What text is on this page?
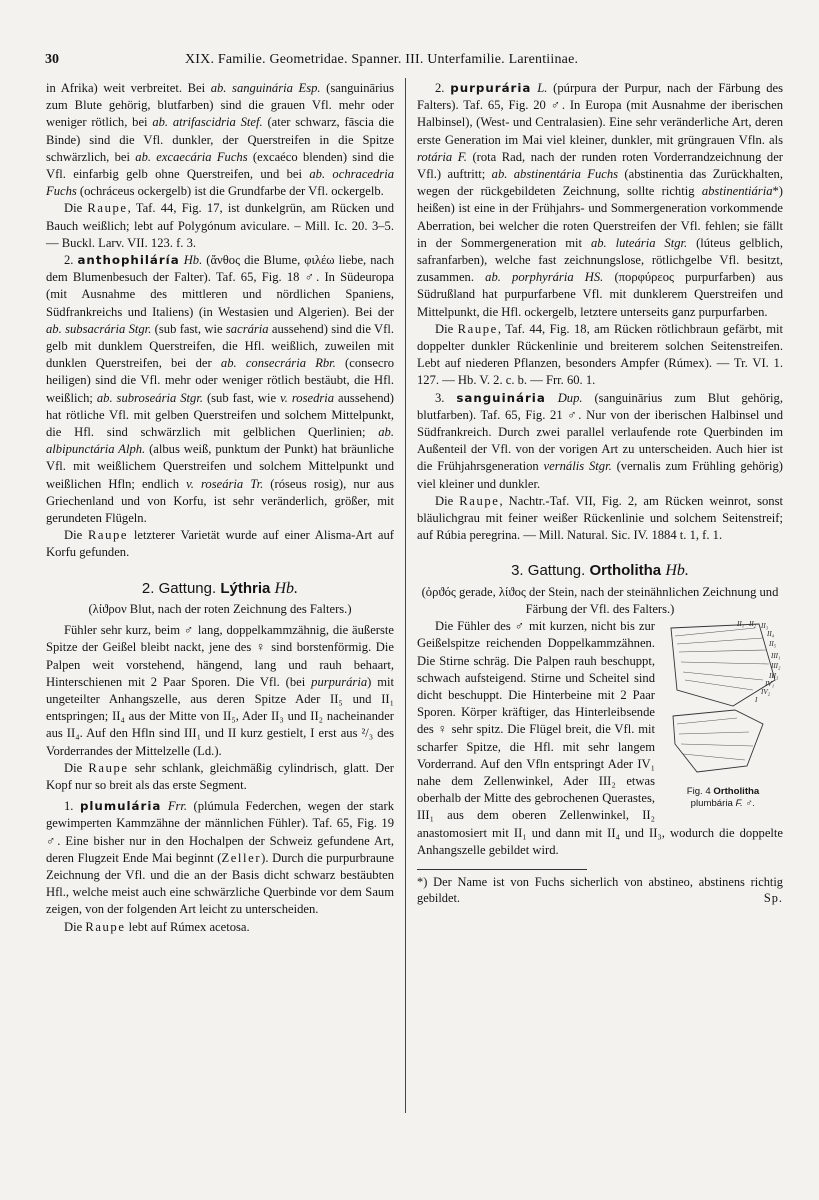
30	XIX. Familie. Geometridae. Spanner. III. Unterfamilie. Larentiinae.

in Afrika) weit verbreitet. Bei ab. sanguinária Esp. (sanguinārius zum Blute gehörig, blutfarben) sind die grauen Vfl. mehr oder weniger rötlich, bei ab. atrifascidria Stef. (ater schwarz, fāscia die Binde) sind die Vfl. dunkler, der Querstreifen in die Spitze schwärzlich, bei ab. excaecária Fuchs (excaéco blenden) sind die Vfl. einfarbig gelb ohne Querstreifen, und bei ab. ochracedria Fuchs (ochráceus ockergelb) ist die Grundfarbe der Vfl. ockergelb.

Die Raupe, Taf. 44, Fig. 17, ist dunkelgrün, am Rücken und Bauch weißlich; lebt auf Polygónum aviculare. – Mill. Ic. 20. 3–5. — Buckl. Larv. VII. 123. f. 3.

2. anthophiláría Hb. (ἄνθος die Blume, φιλέω liebe, nach dem Blumenbesuch der Falter). Taf. 65, Fig. 18 ♂. In Südeuropa (mit Ausnahme des mittleren und nördlichen Spaniens, Südfrankreichs und Italiens) (in Westasien und Algerien). Bei der ab. subsacrária Stgr. (sub fast, wie sacrária aussehend) sind die Vfl. gelb mit dunklem Querstreifen, die Hfl. weißlich, zuweilen mit dunklen Querstreifen, bei der ab. consecrária Rbr. (consecro heiligen) sind die Vfl. mehr oder weniger rötlich bestäubt, die Hfl. weißlich; ab. subroseária Stgr. (sub fast, wie v. rosedria aussehend) hat rötliche Vfl. mit gelben Querstreifen und solchem Mittelpunkt, die Hfl. sind schwärzlich mit gelblichen Querlinien; ab. albipunctária Alph. (albus weiß, punktum der Punkt) hat bräunliche Vfl. mit weißlichem Querstreifen und solchem Mittelpunkt und weißlichen Hfln; endlich v. roseária Tr. (róseus rosig), nur aus Griechenland und von Korfu, ist sehr veränderlich, größer, mit gerundeten Flügeln.

Die Raupe letzterer Varietät wurde auf einer Alisma-Art auf Korfu gefunden.

2. Gattung. Lýthria Hb.

(λίϑρον Blut, nach der roten Zeichnung des Falters.)

Fühler sehr kurz, beim ♂ lang, doppelkammzähnig, die äußerste Spitze der Geißel bleibt nackt, jene des ♀ sind borstenförmig. Die Palpen weit vorstehend, hängend, lang und rauh behaart, Hinterschienen mit 2 Paar Sporen. Die Vfl. (bei purpurária) mit ungeteilter Anhangszelle, aus deren Spitze Ader II₅ und II₁ entspringen; II₄ aus der Mitte von II₅, Ader II₃ und II₂ nacheinander aus II₄. Auf den Hfln sind III₁ und II kurz gestielt, I erst aus ²/₃ des Vorderrandes der Mittelzelle (Ld.).

Die Raupe sehr schlank, gleichmäßig cylindrisch, glatt. Der Kopf nur so breit als das erste Segment.

1. plumulária Frr. (plúmula Federchen, wegen der stark gewimperten Kammzähne der männlichen Fühler). Taf. 65, Fig. 19 ♂. Eine bisher nur in den Hochalpen der Schweiz gefundene Art, deren Flugzeit Ende Mai beginnt (Zeller). Durch die purpurbraune Zeichnung der Vfl. und die an der Basis dicht schwarz bestäubten Hfl., welche meist auch eine schwärzliche Querbinde vor dem Saum zeigen, von der folgenden Art leicht zu unterscheiden.

Die Raupe lebt auf Rúmex acetosa.

2. purpurária L. (púrpura der Purpur, nach der Färbung des Falters). Taf. 65, Fig. 20 ♂. In Europa (mit Ausnahme der iberischen Halbinsel), (West- und Centralasien). Eine sehr veränderliche Art, deren erste Generation im Mai viel kleiner, dunkler, mit grüngrauen Vfln. als rotária F. (rota Rad, nach der runden roten Vorderrandzeichnung der Vfl.) auftritt; ab. abstinentária Fuchs (abstinentia das Zurückhalten, wegen der rückgebildeten Zeichnung, sollte richtig abstinentiária*) heißen) ist eine in der Frühjahrs- und Sommergeneration vorkommende Aberration, bei welcher die roten Querstreifen der Vfl. fehlen; sie fällt in der Sommergeneration mit ab. luteária Stgr. (lúteus gelblich, safranfarben), welche fast zeichnungslose, rötlichgelbe Vfl. besitzt, zusammen. ab. porphyrária HS. (πορφύρεος purpurfarben) aus Südrußland hat purpurfarbene Vfl. mit dunklerem Querstreifen und Mittelpunkt, die Hfl. ockergelb, letztere unterseits ganz purpurfarben.

Die Raupe, Taf. 44, Fig. 18, am Rücken rötlichbraun gefärbt, mit doppelter dunkler Rückenlinie und breiterem solchen Seitenstreifen. Lebt auf niederen Pflanzen, besonders Ampfer (Rúmex). — Tr. VI. 1. 127. — Hb. V. 2. c. b. — Frr. 60. 1.

3. sanguinária Dup. (sanguinārius zum Blut gehörig, blutfarben). Taf. 65, Fig. 21 ♂. Nur von der iberischen Halbinsel und Südfrankreich. Durch zwei parallel verlaufende rote Querbinden im Außenteil der Vfl. von der vorigen Art zu unterscheiden. Auch hier ist die Frühjahrsgeneration vernális Stgr. (vernalis zum Frühling gehörig) viel kleiner und dunkler.

Die Raupe, Nachtr.-Taf. VII, Fig. 2, am Rücken weinrot, sonst bläulichgrau mit feiner weißer Rückenlinie und solchem Seitenstreif; auf Rúbia peregrina. — Mill. Natural. Sic. IV. 1884 t. 1, f. 1.

3. Gattung. Ortholitha Hb.

(ὀρϑός gerade, λίϑος der Stein, nach der steinähnlichen Zeichnung und Färbung der Vfl. des Falters.)

II₁ II₂ II₃
II₄
II₅
III₁
III₂
III₃
IV₁
IV₂
I
Fig. 4 Ortholitha
plumbária F. ♂.

Die Fühler des ♂ mit kurzen, nicht bis zur Geißelspitze reichenden Doppelkammzähnen. Die Stirne schräg. Die Palpen rauh beschuppt, schwach aufsteigend. Stirne und Scheitel sind dicht beschuppt. Die Hinterbeine mit 2 Paar Sporen. Körper kräftiger, das Hinterleibsende des ♀ sehr spitz. Die Flügel breit, die Vfl. mit scharfer Spitze, die Hfl. mit sehr langem Vorderrand. Auf den Vfln entspringt Ader IV₁ nahe dem Zellenwinkel, Ader III₂ etwas oberhalb der Mitte des gebrochenen Querastes, III₁ aus dem oberen Zellenwinkel, II₂ anastomosiert mit II₁ und dann mit II₄ und II₃, wodurch die doppelte Anhangszelle gebildet wird.

*) Der Name ist von Fuchs sicherlich von abstineo, abstinens richtig gebildet.	Sp.
